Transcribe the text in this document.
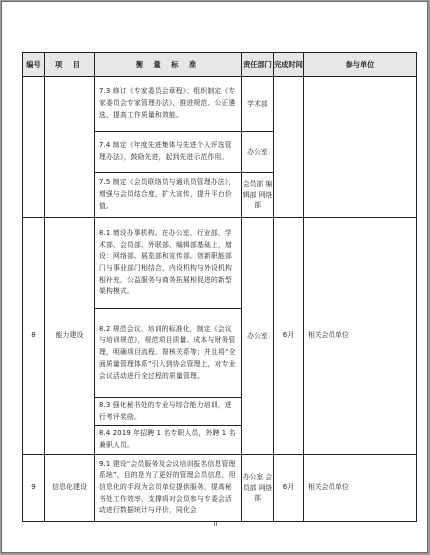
编号	项 目	衡 量 标 准	责任部门	完成时间	参与单位
		7.3 修订《专家委员会章程》；组织制定《专家委员会专家管理办法》，推进规范、公正遴选，提高工作质量和效能。	学术部		
		7.4 制定《年度先进集体与先进个人评选管理办法》，鼓励先进，起到先进示范作用。	办公室		
		7.5 制定《会员联络员与通讯员管理办法》，增强与会员结合度，扩大宣传，提升平台价值。	会员部 编辑部 网络部		
8	能力建设	8.1 增设办事机构。在办公室、行业部、学术部、会员部、外联部、编辑部基础上，增设：网络部、展览部和宣传部。创新职能部门与事业部门相结合，内设机构与外设机构相补充，公益服务与商务拓展相促进的新型架构模式。	办公室	6月	相关会员单位
		8.2 规范会议、培训的标准化，制定《会议与培训规范》，规范项目质量、成本与财务管理，明确项目流程、督核关系等；并且将“全面质量管理体系”引入到协会管理上，对专业会议活动进行全过程的质量管理。			
		8.3 强化秘书处的专业与综合能力培训，进行考评奖励。			
		8.4 2019 年招聘 1 名专职人员，外聘 1 名兼职人员。			
9	信息化建设	9.1 建设“会员服务及会议培训报名信息管理系统”，目的是为了更好的管理会员信息，用信息化的手段为会员单位提供服务，提高秘书处工作效率，支撑将对会员参与专委会活动进行数据统计与评价，同化会	办公室 会员部 网络部	6月	相关会员单位
II
